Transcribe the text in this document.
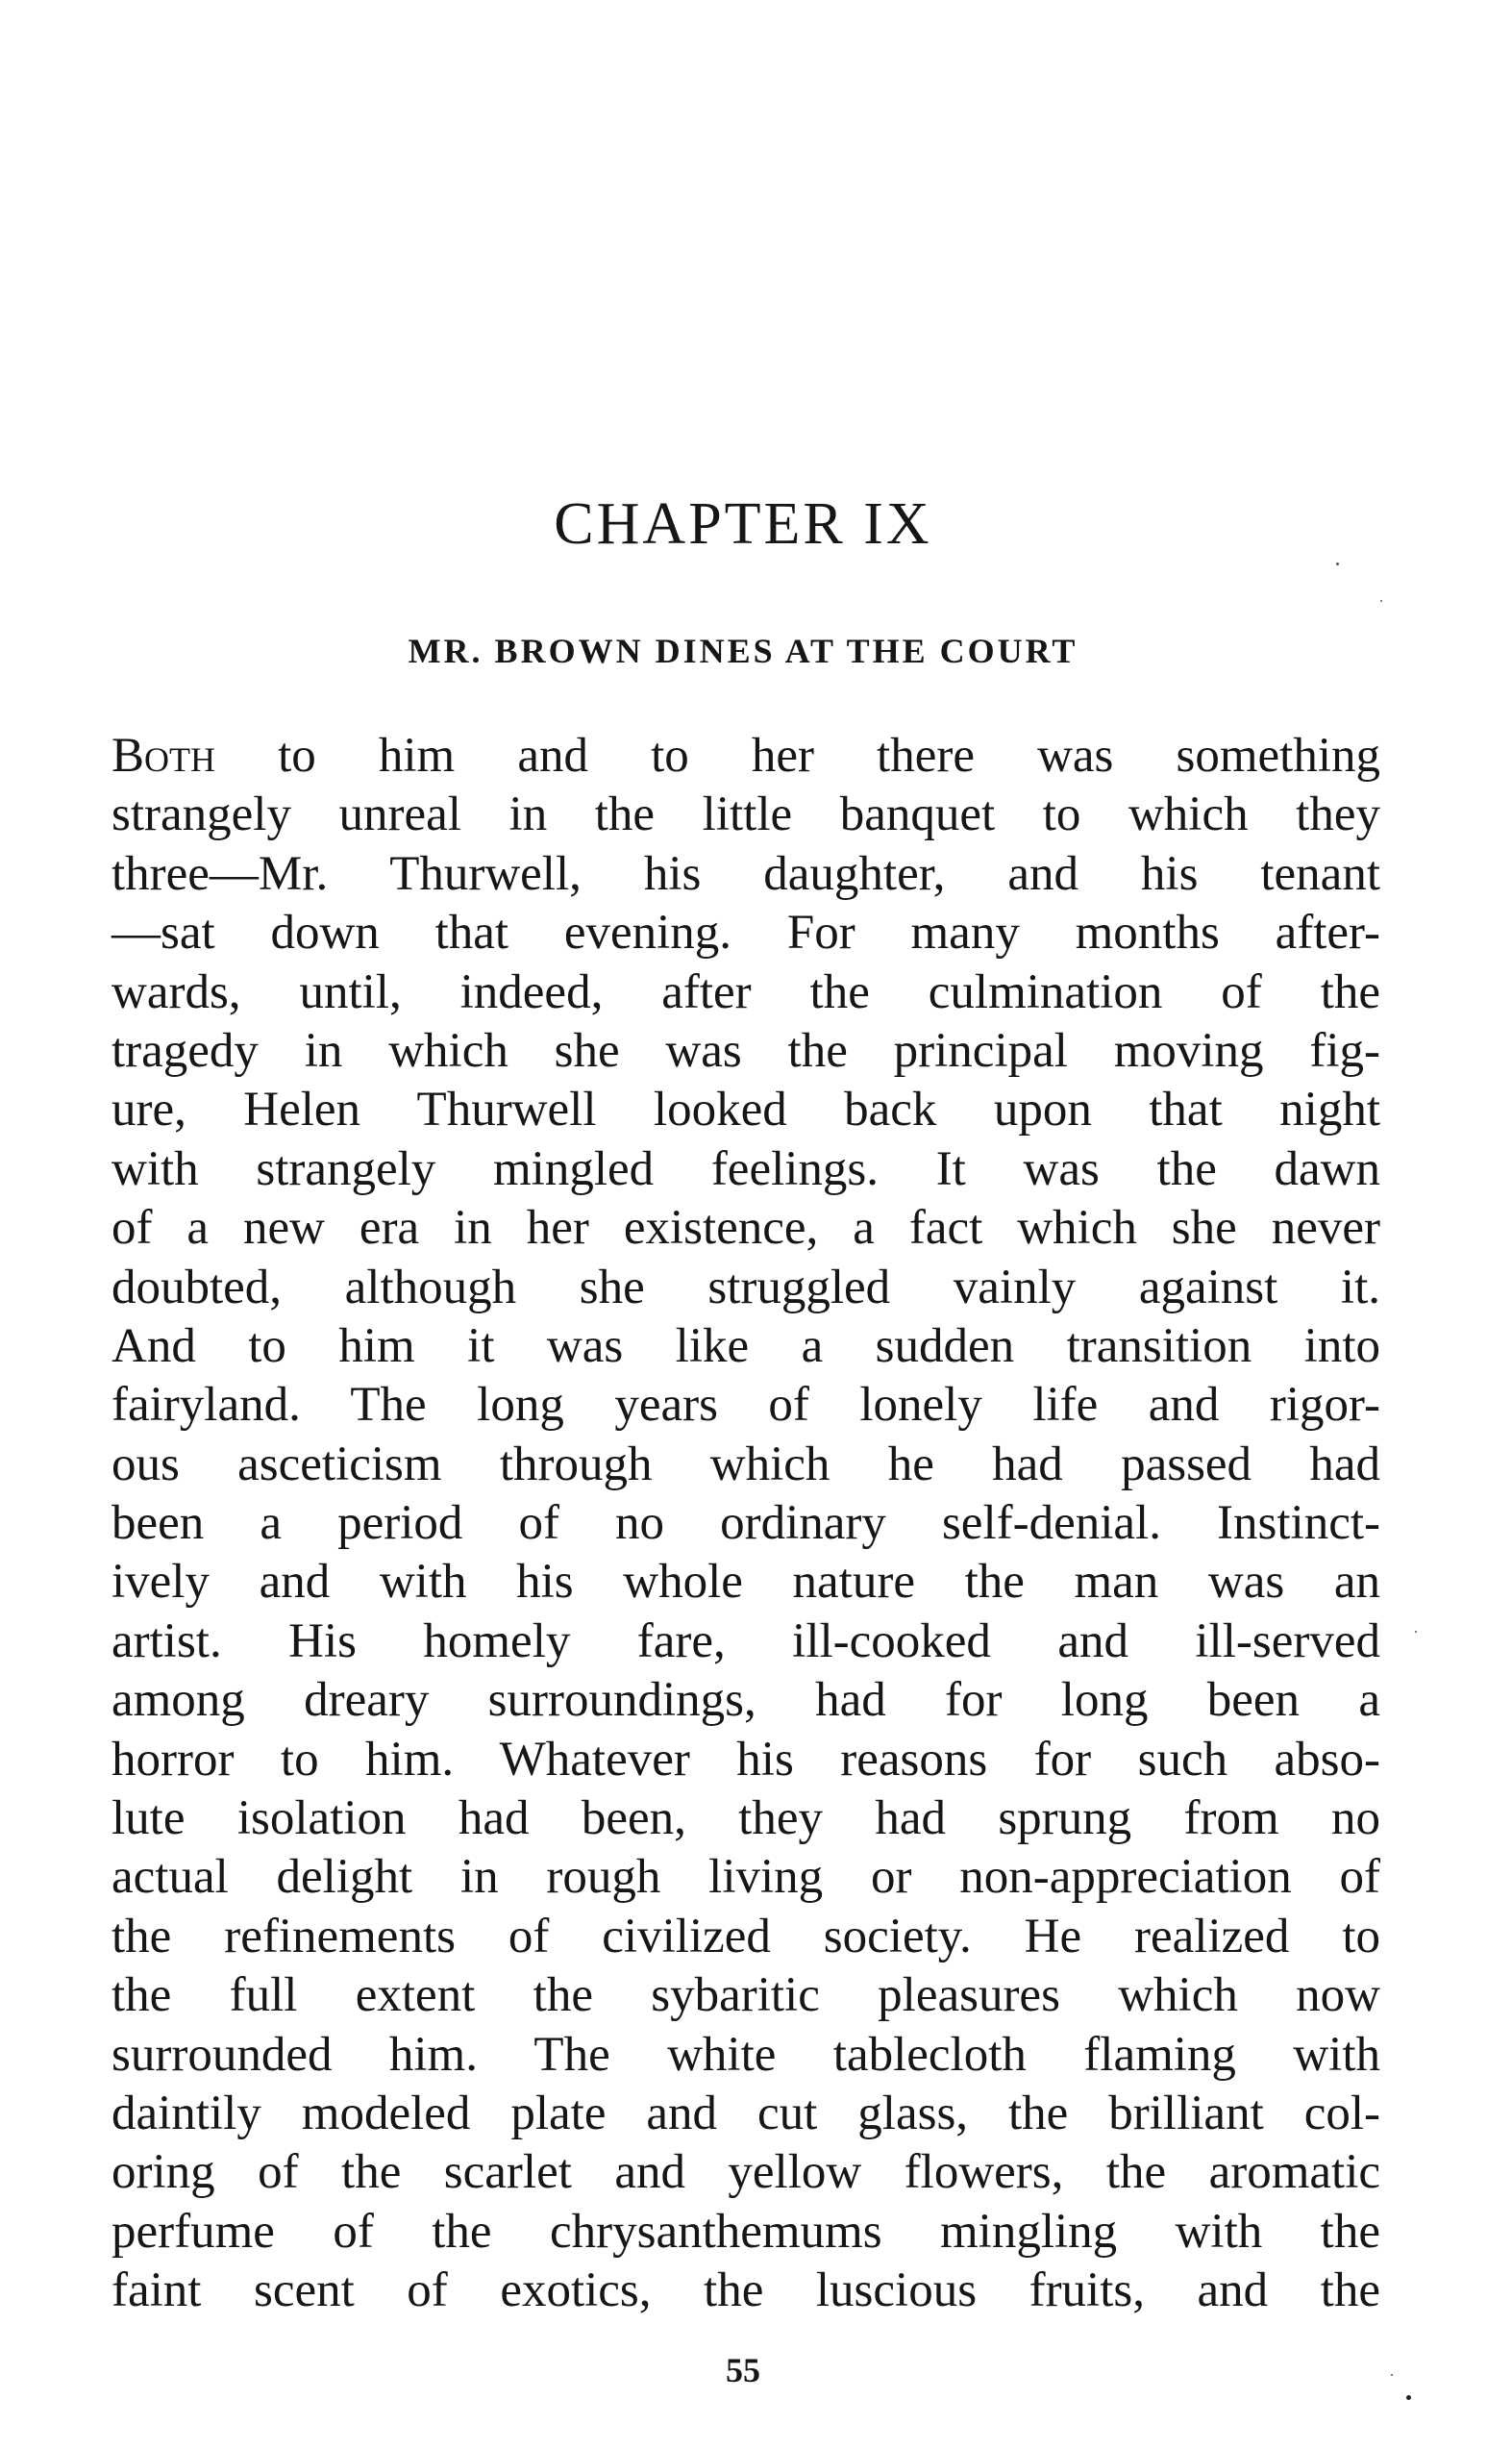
CHAPTER IX
MR. BROWN DINES AT THE COURT
Both to him and to her there was something
strangely unreal in the little banquet to which they
three—Mr. Thurwell, his daughter, and his tenant
—sat down that evening. For many months after-
wards, until, indeed, after the culmination of the
tragedy in which she was the principal moving fig-
ure, Helen Thurwell looked back upon that night
with strangely mingled feelings. It was the dawn
of a new era in her existence, a fact which she never
doubted, although she struggled vainly against it.
And to him it was like a sudden transition into
fairyland. The long years of lonely life and rigor-
ous asceticism through which he had passed had
been a period of no ordinary self-denial. Instinct-
ively and with his whole nature the man was an
artist. His homely fare, ill-cooked and ill-served
among dreary surroundings, had for long been a
horror to him. Whatever his reasons for such abso-
lute isolation had been, they had sprung from no
actual delight in rough living or non-appreciation of
the refinements of civilized society. He realized to
the full extent the sybaritic pleasures which now
surrounded him. The white tablecloth flaming with
daintily modeled plate and cut glass, the brilliant col-
oring of the scarlet and yellow flowers, the aromatic
perfume of the chrysanthemums mingling with the
faint scent of exotics, the luscious fruits, and the
55
